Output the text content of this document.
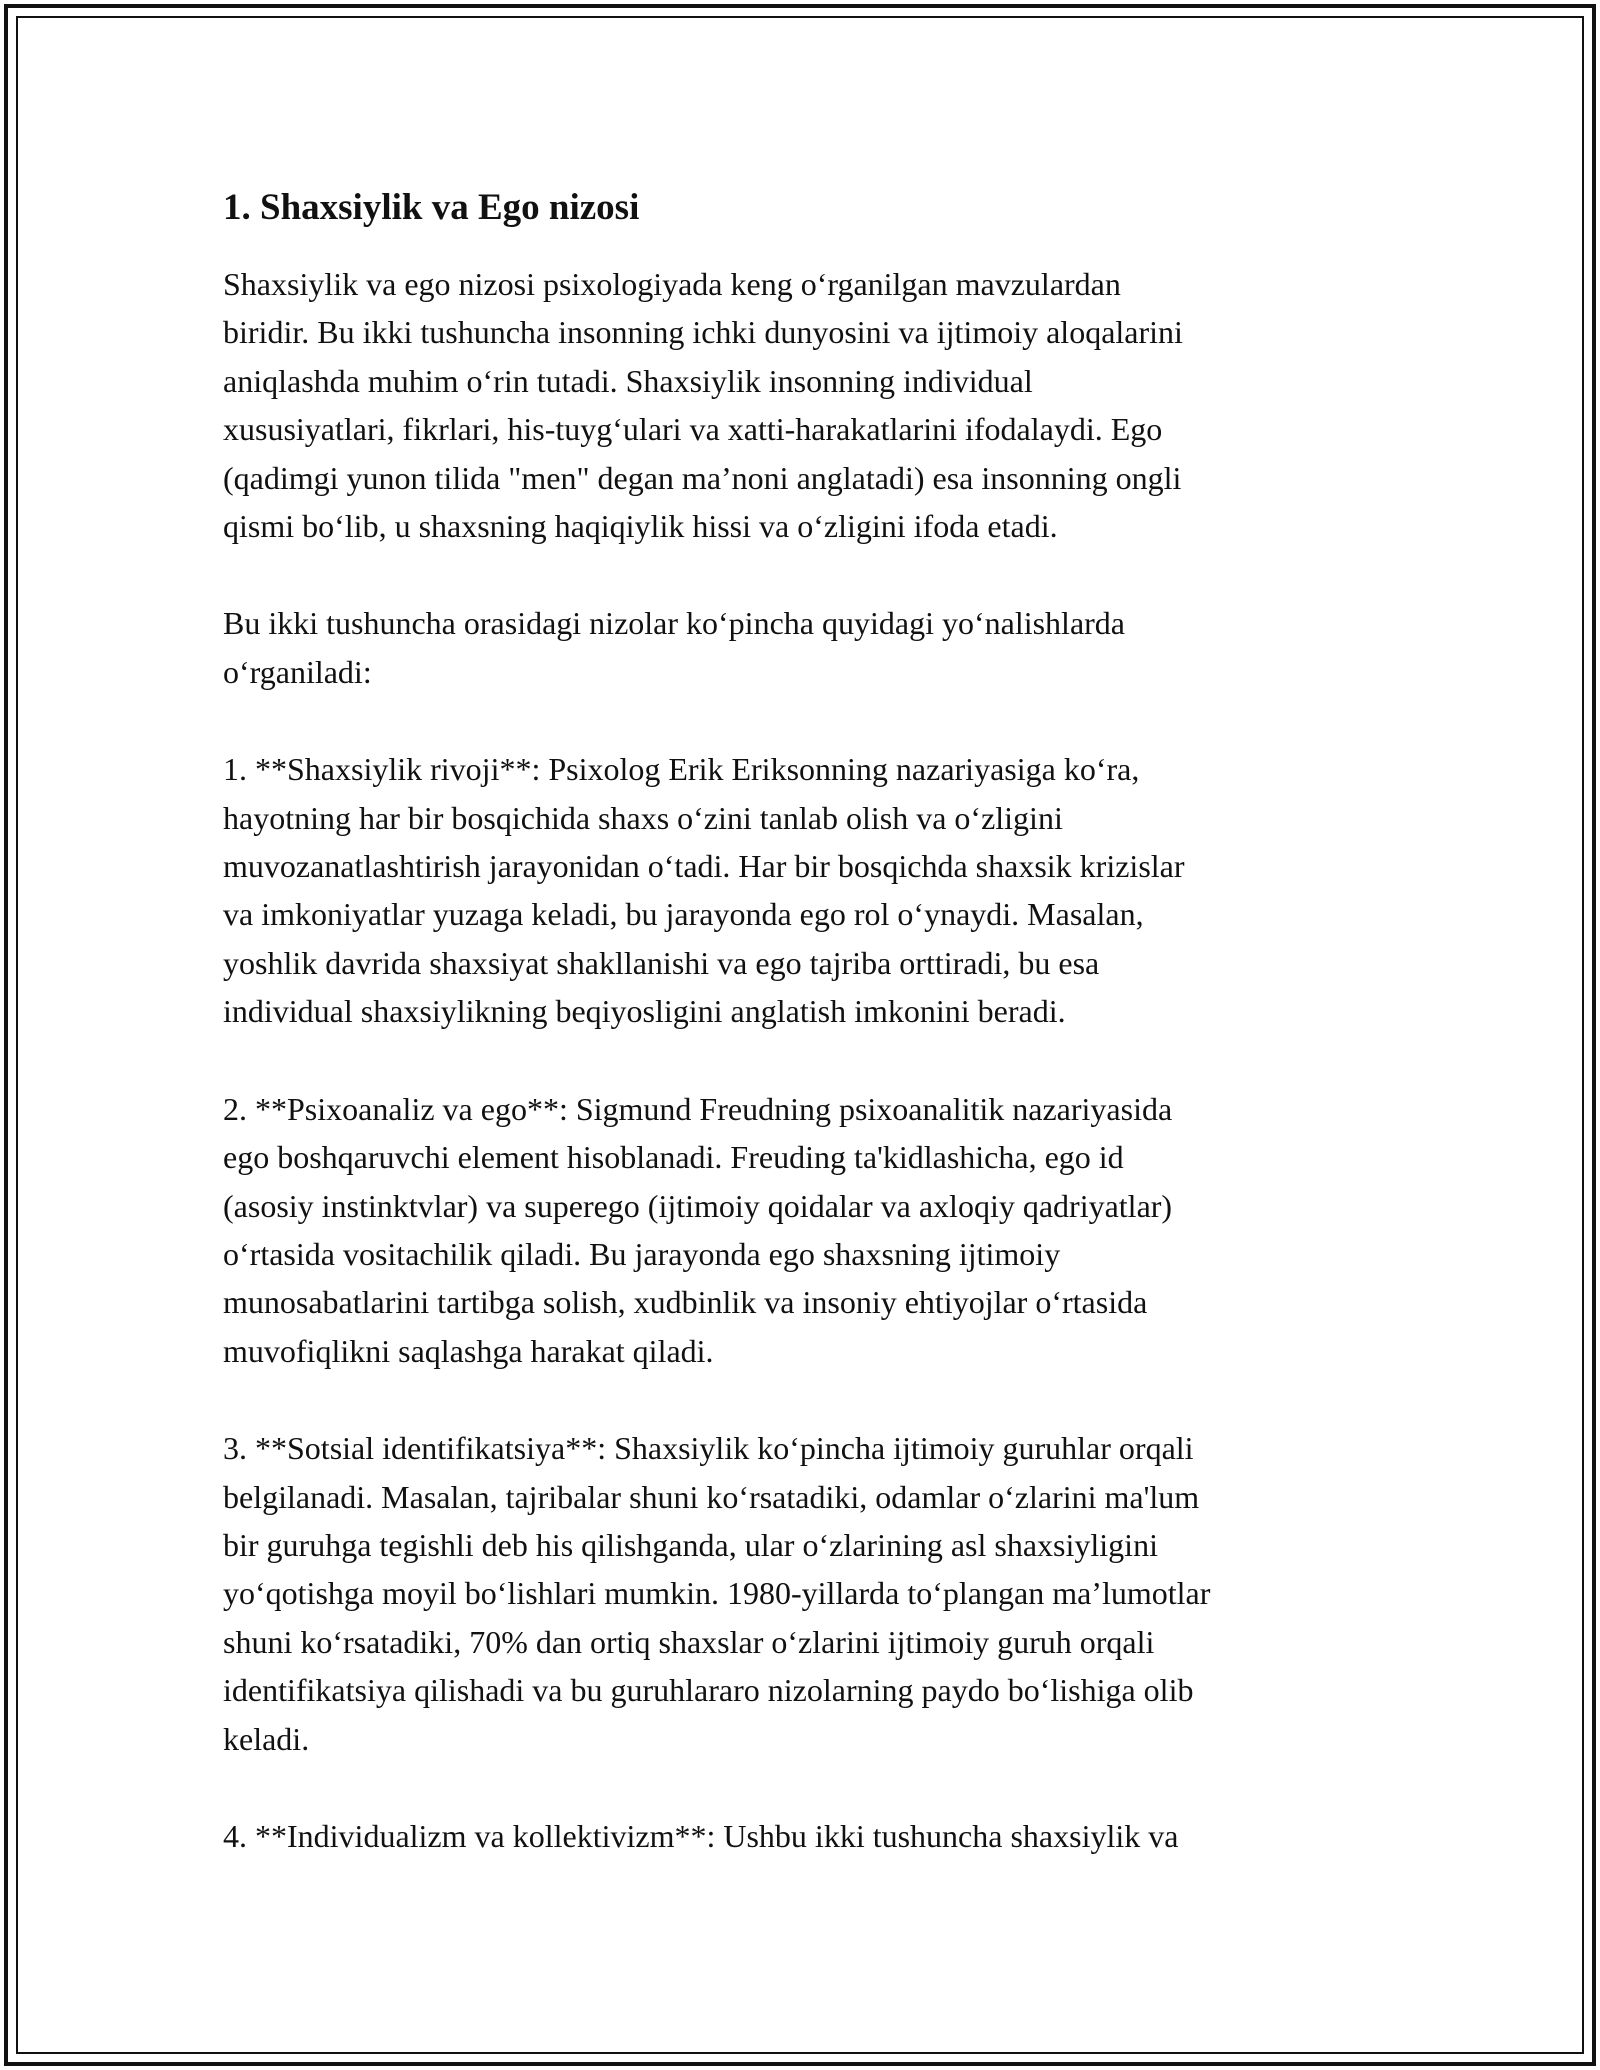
1. Shaxsiylik va Ego nizosi

Shaxsiylik va ego nizosi psixologiyada keng oʻrganilgan mavzulardan
biridir. Bu ikki tushuncha insonning ichki dunyosini va ijtimoiy aloqalarini
aniqlashda muhim oʻrin tutadi. Shaxsiylik insonning individual
xususiyatlari, fikrlari, his-tuygʻulari va xatti-harakatlarini ifodalaydi. Ego
(qadimgi yunon tilida "men" degan maʼnoni anglatadi) esa insonning ongli
qismi boʻlib, u shaxsning haqiqiylik hissi va oʻzligini ifoda etadi.

Bu ikki tushuncha orasidagi nizolar koʻpincha quyidagi yoʻnalishlarda
oʻrganiladi:

1. **Shaxsiylik rivoji**: Psixolog Erik Eriksonning nazariyasiga koʻra,
hayotning har bir bosqichida shaxs oʻzini tanlab olish va oʻzligini
muvozanatlashtirish jarayonidan oʻtadi. Har bir bosqichda shaxsik krizislar
va imkoniyatlar yuzaga keladi, bu jarayonda ego rol oʻynaydi. Masalan,
yoshlik davrida shaxsiyat shakllanishi va ego tajriba orttiradi, bu esa
individual shaxsiylikning beqiyosligini anglatish imkonini beradi.

2. **Psixoanaliz va ego**: Sigmund Freudning psixoanalitik nazariyasida
ego boshqaruvchi element hisoblanadi. Freuding ta'kidlashicha, ego id
(asosiy instinktvlar) va superego (ijtimoiy qoidalar va axloqiy qadriyatlar)
oʻrtasida vositachilik qiladi. Bu jarayonda ego shaxsning ijtimoiy
munosabatlarini tartibga solish, xudbinlik va insoniy ehtiyojlar oʻrtasida
muvofiqlikni saqlashga harakat qiladi.

3. **Sotsial identifikatsiya**: Shaxsiylik koʻpincha ijtimoiy guruhlar orqali
belgilanadi. Masalan, tajribalar shuni koʻrsatadiki, odamlar oʻzlarini ma'lum
bir guruhga tegishli deb his qilishganda, ular oʻzlarining asl shaxsiyligini
yoʻqotishga moyil boʻlishlari mumkin. 1980-yillarda toʻplangan maʼlumotlar
shuni koʻrsatadiki, 70% dan ortiq shaxslar oʻzlarini ijtimoiy guruh orqali
identifikatsiya qilishadi va bu guruhlararo nizolarning paydo boʻlishiga olib
keladi.

4. **Individualizm va kollektivizm**: Ushbu ikki tushuncha shaxsiylik va
